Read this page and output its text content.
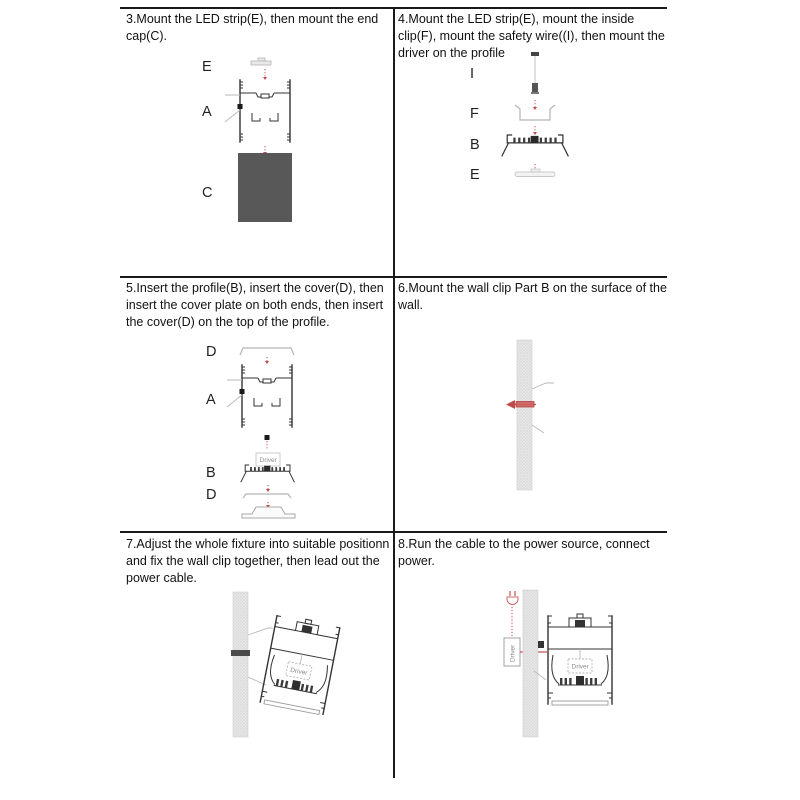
E
A
C
3.Mount the LED strip(E), then mount the end
cap(C).
I
F
B
E
4.Mount the LED strip(E), mount the inside
clip(F), mount the safety wire((I), then mount the
driver on the profile
D
A
B
D
Driver
5.Insert the profile(B), insert the cover(D), then
insert the cover plate on both ends, then insert
the cover(D) on the top of the profile.
6.Mount the wall clip Part B on the surface of the
wall.
Driver
7.Adjust the whole fixture into suitable positionn
and fix the wall clip together, then lead out the
power cable.
Driver
Driver
8.Run the cable to the power source, connect
power.
